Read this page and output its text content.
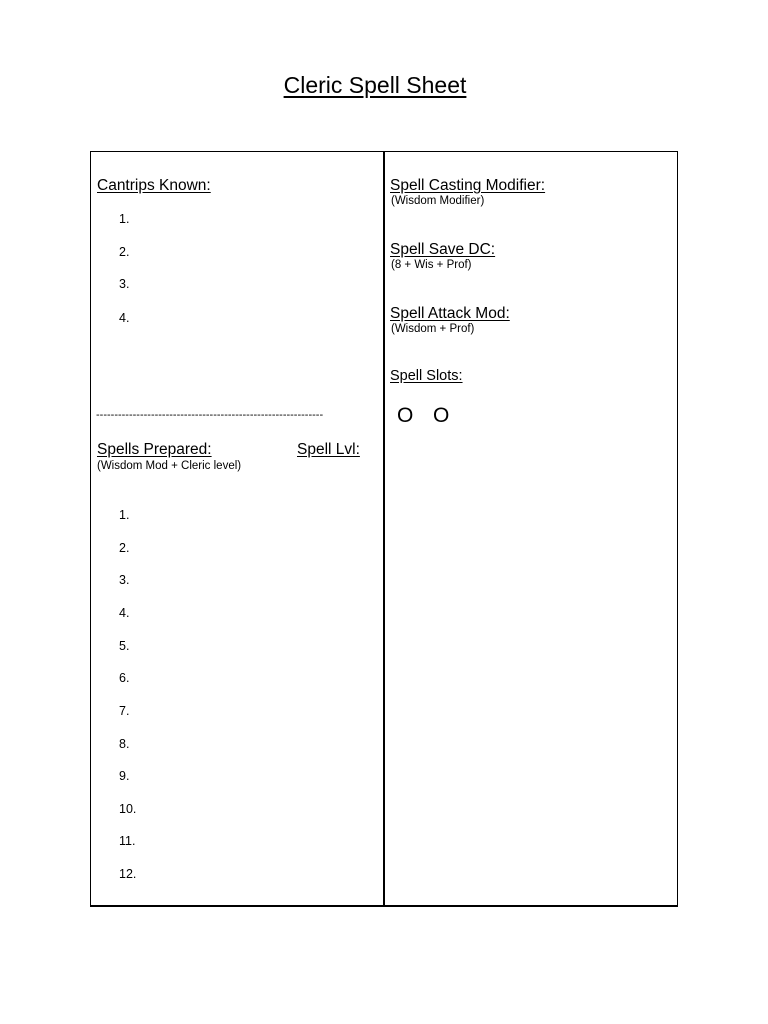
Cleric Spell Sheet
Cantrips Known:
1.
2.
3.
4.
--------------------------------------------------------------
Spells Prepared:	Spell Lvl:
(Wisdom Mod + Cleric level)
1.
2.
3.
4.
5.
6.
7.
8.
9.
10.
11.
12.
Spell Casting Modifier:
(Wisdom Modifier)
Spell Save DC:
(8 + Wis + Prof)
Spell Attack Mod:
(Wisdom + Prof)
Spell Slots:
O O
